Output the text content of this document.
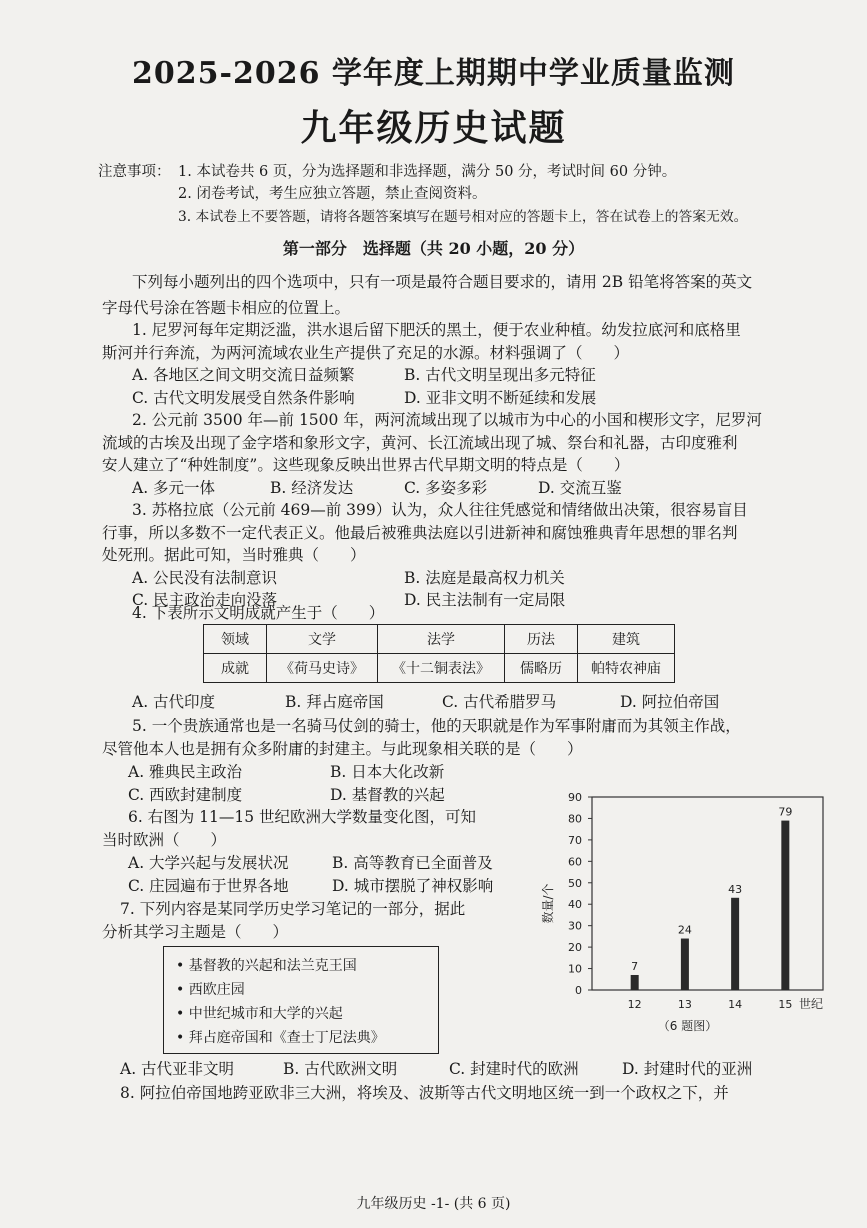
2025-2026 学年度上期期中学业质量监测
九年级历史试题
注意事项： 1. 本试卷共 6 页，分为选择题和非选择题，满分 50 分，考试时间 60 分钟。
2. 闭卷考试，考生应独立答题，禁止查阅资料。
3. 本试卷上不要答题，请将各题答案填写在题号相对应的答题卡上，答在试卷上的答案无效。
第一部分　选择题（共 20 小题，20 分）
下列每小题列出的四个选项中，只有一项是最符合题目要求的，请用 2B 铅笔将答案的英文
字母代号涂在答题卡相应的位置上。
1. 尼罗河每年定期泛滥，洪水退后留下肥沃的黑土，便于农业种植。幼发拉底河和底格里
斯河并行奔流，为两河流域农业生产提供了充足的水源。材料强调了（　　）
A. 各地区之间文明交流日益频繁	B. 古代文明呈现出多元特征
C. 古代文明发展受自然条件影响	D. 亚非文明不断延续和发展
2. 公元前 3500 年—前 1500 年，两河流域出现了以城市为中心的小国和楔形文字，尼罗河
流域的古埃及出现了金字塔和象形文字，黄河、长江流域出现了城、祭台和礼器，古印度雅利
安人建立了“种姓制度”。这些现象反映出世界古代早期文明的特点是（　　）
A. 多元一体	B. 经济发达	C. 多姿多彩	D. 交流互鉴
3. 苏格拉底（公元前 469—前 399）认为，众人往往凭感觉和情绪做出决策，很容易盲目
行事，所以多数不一定代表正义。他最后被雅典法庭以引进新神和腐蚀雅典青年思想的罪名判
处死刑。据此可知，当时雅典（　　）
A. 公民没有法制意识	B. 法庭是最高权力机关
C. 民主政治走向没落	D. 民主法制有一定局限
4. 下表所示文明成就产生于（　　）
领域	文学	法学	历法	建筑
成就	《荷马史诗》	《十二铜表法》	儒略历	帕特农神庙
A. 古代印度	B. 拜占庭帝国	C. 古代希腊罗马	D. 阿拉伯帝国
5. 一个贵族通常也是一名骑马仗剑的骑士，他的天职就是作为军事附庸而为其领主作战，
尽管他本人也是拥有众多附庸的封建主。与此现象相关联的是（　　）
A. 雅典民主政治	B. 日本大化改新
C. 西欧封建制度	D. 基督教的兴起
6. 右图为 11—15 世纪欧洲大学数量变化图，可知
当时欧洲（　　）
A. 大学兴起与发展状况	B. 高等教育已全面普及
C. 庄园遍布于世界各地	D. 城市摆脱了神权影响
7. 下列内容是某同学历史学习笔记的一部分，据此
分析其学习主题是（　　）
• 基督教的兴起和法兰克王国
• 西欧庄园
• 中世纪城市和大学的兴起
• 拜占庭帝国和《查士丁尼法典》
A. 古代亚非文明	B. 古代欧洲文明	C. 封建时代的欧洲	D. 封建时代的亚洲
8. 阿拉伯帝国地跨亚欧非三大洲，将埃及、波斯等古代文明地区统一到一个政权之下，并
0
10
20
30
40
50
60
70
80
90
数量/个
7
12
24
13
43
14
79
15 世纪
（6 题图）
九年级历史 -1- (共 6 页)
